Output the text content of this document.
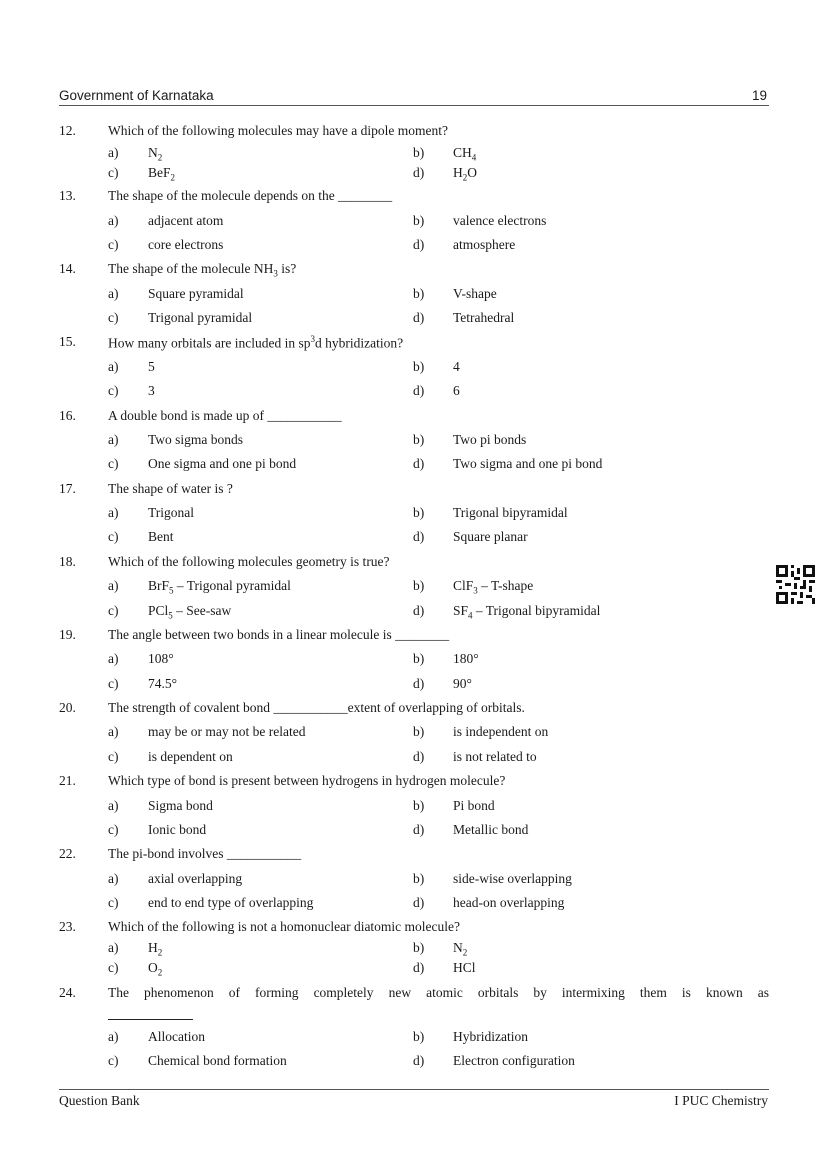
Government of Karnataka	19
12. Which of the following molecules may have a dipole moment?
a) $N_2$	b) $CH_4$
c) BeF$_2$	d) $H_2O$
13. The shape of the molecule depends on the ________
a) adjacent atom	b) valence electrons
c) core electrons	d) atmosphere
14. The shape of the molecule $NH_3$ is?
a) Square pyramidal	b) V-shape
c) Trigonal pyramidal	d) Tetrahedral
15. How many orbitals are included in $sp^3d$ hybridization?
a) 5	b) 4
c) 3	d) 6
16. A double bond is made up of ___________
a) Two sigma bonds	b) Two pi bonds
c) One sigma and one pi bond	d) Two sigma and one pi bond
17. The shape of water is ?
a) Trigonal	b) Trigonal bipyramidal
c) Bent	d) Square planar
18. Which of the following molecules geometry is true?
a) BrF$_5$ – Trigonal pyramidal	b) ClF$_3$ – T-shape
c) PCl$_5$ – See-saw	d) $SF_4$ – Trigonal bipyramidal
19. The angle between two bonds in a linear molecule is ________
a) 108°	b) 180°
c) 74.5°	d) 90°
20. The strength of covalent bond ___________extent of overlapping of orbitals.
a) may be or may not be related	b) is independent on
c) is dependent on	d) is not related to
21. Which type of bond is present between hydrogens in hydrogen molecule?
a) Sigma bond	b) Pi bond
c) Ionic bond	d) Metallic bond
22. The pi-bond involves ___________
a) axial overlapping	b) side-wise overlapping
c) end to end type of overlapping	d) head-on overlapping
23. Which of the following is not a homonuclear diatomic molecule?
a) $H_2$	b) $N_2$
c) $O_2$	d) HCl
24. The phenomenon of forming completely new atomic orbitals by intermixing them is known as
a) Allocation	b) Hybridization
c) Chemical bond formation	d) Electron configuration
Question Bank	I PUC Chemistry
